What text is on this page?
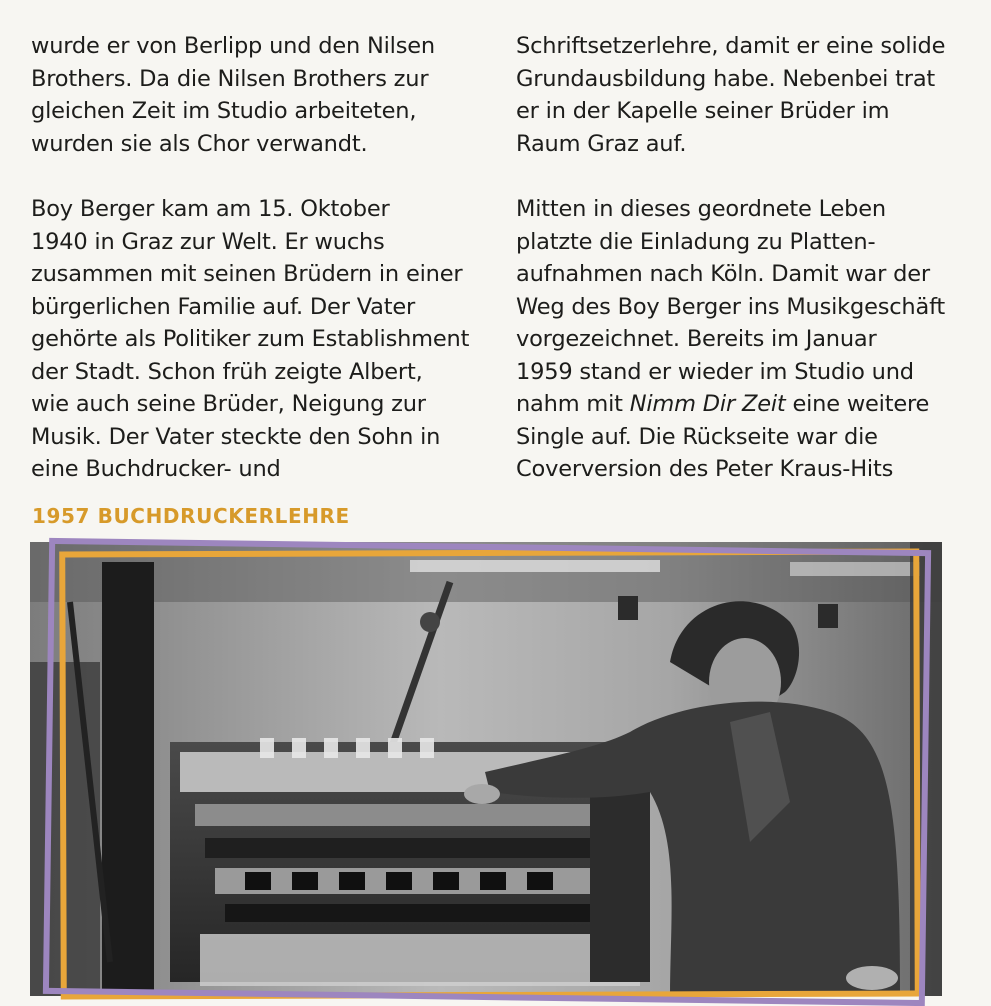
wurde er von Berlipp und den Nilsen
Brothers. Da die Nilsen Brothers zur
gleichen Zeit im Studio arbeiteten,
wurden sie als Chor verwandt.

Boy Berger kam am 15. Oktober
1940 in Graz zur Welt. Er wuchs
zusammen mit seinen Brüdern in einer
bürgerlichen Familie auf. Der Vater
gehörte als Politiker zum Establishment
der Stadt. Schon früh zeigte Albert,
wie auch seine Brüder, Neigung zur
Musik. Der Vater steckte den Sohn in
eine Buchdrucker- und

Schriftsetzerlehre, damit er eine solide
Grundausbildung habe. Nebenbei trat
er in der Kapelle seiner Brüder im
Raum Graz auf.

Mitten in dieses geordnete Leben
platzte die Einladung zu Platten-
aufnahmen nach Köln. Damit war der
Weg des Boy Berger ins Musikgeschäft
vorgezeichnet. Bereits im Januar
1959 stand er wieder im Studio und
nahm mit Nimm Dir Zeit eine weitere
Single auf. Die Rückseite war die
Coverversion des Peter Kraus-Hits

1957 BUCHDRUCKERLEHRE
